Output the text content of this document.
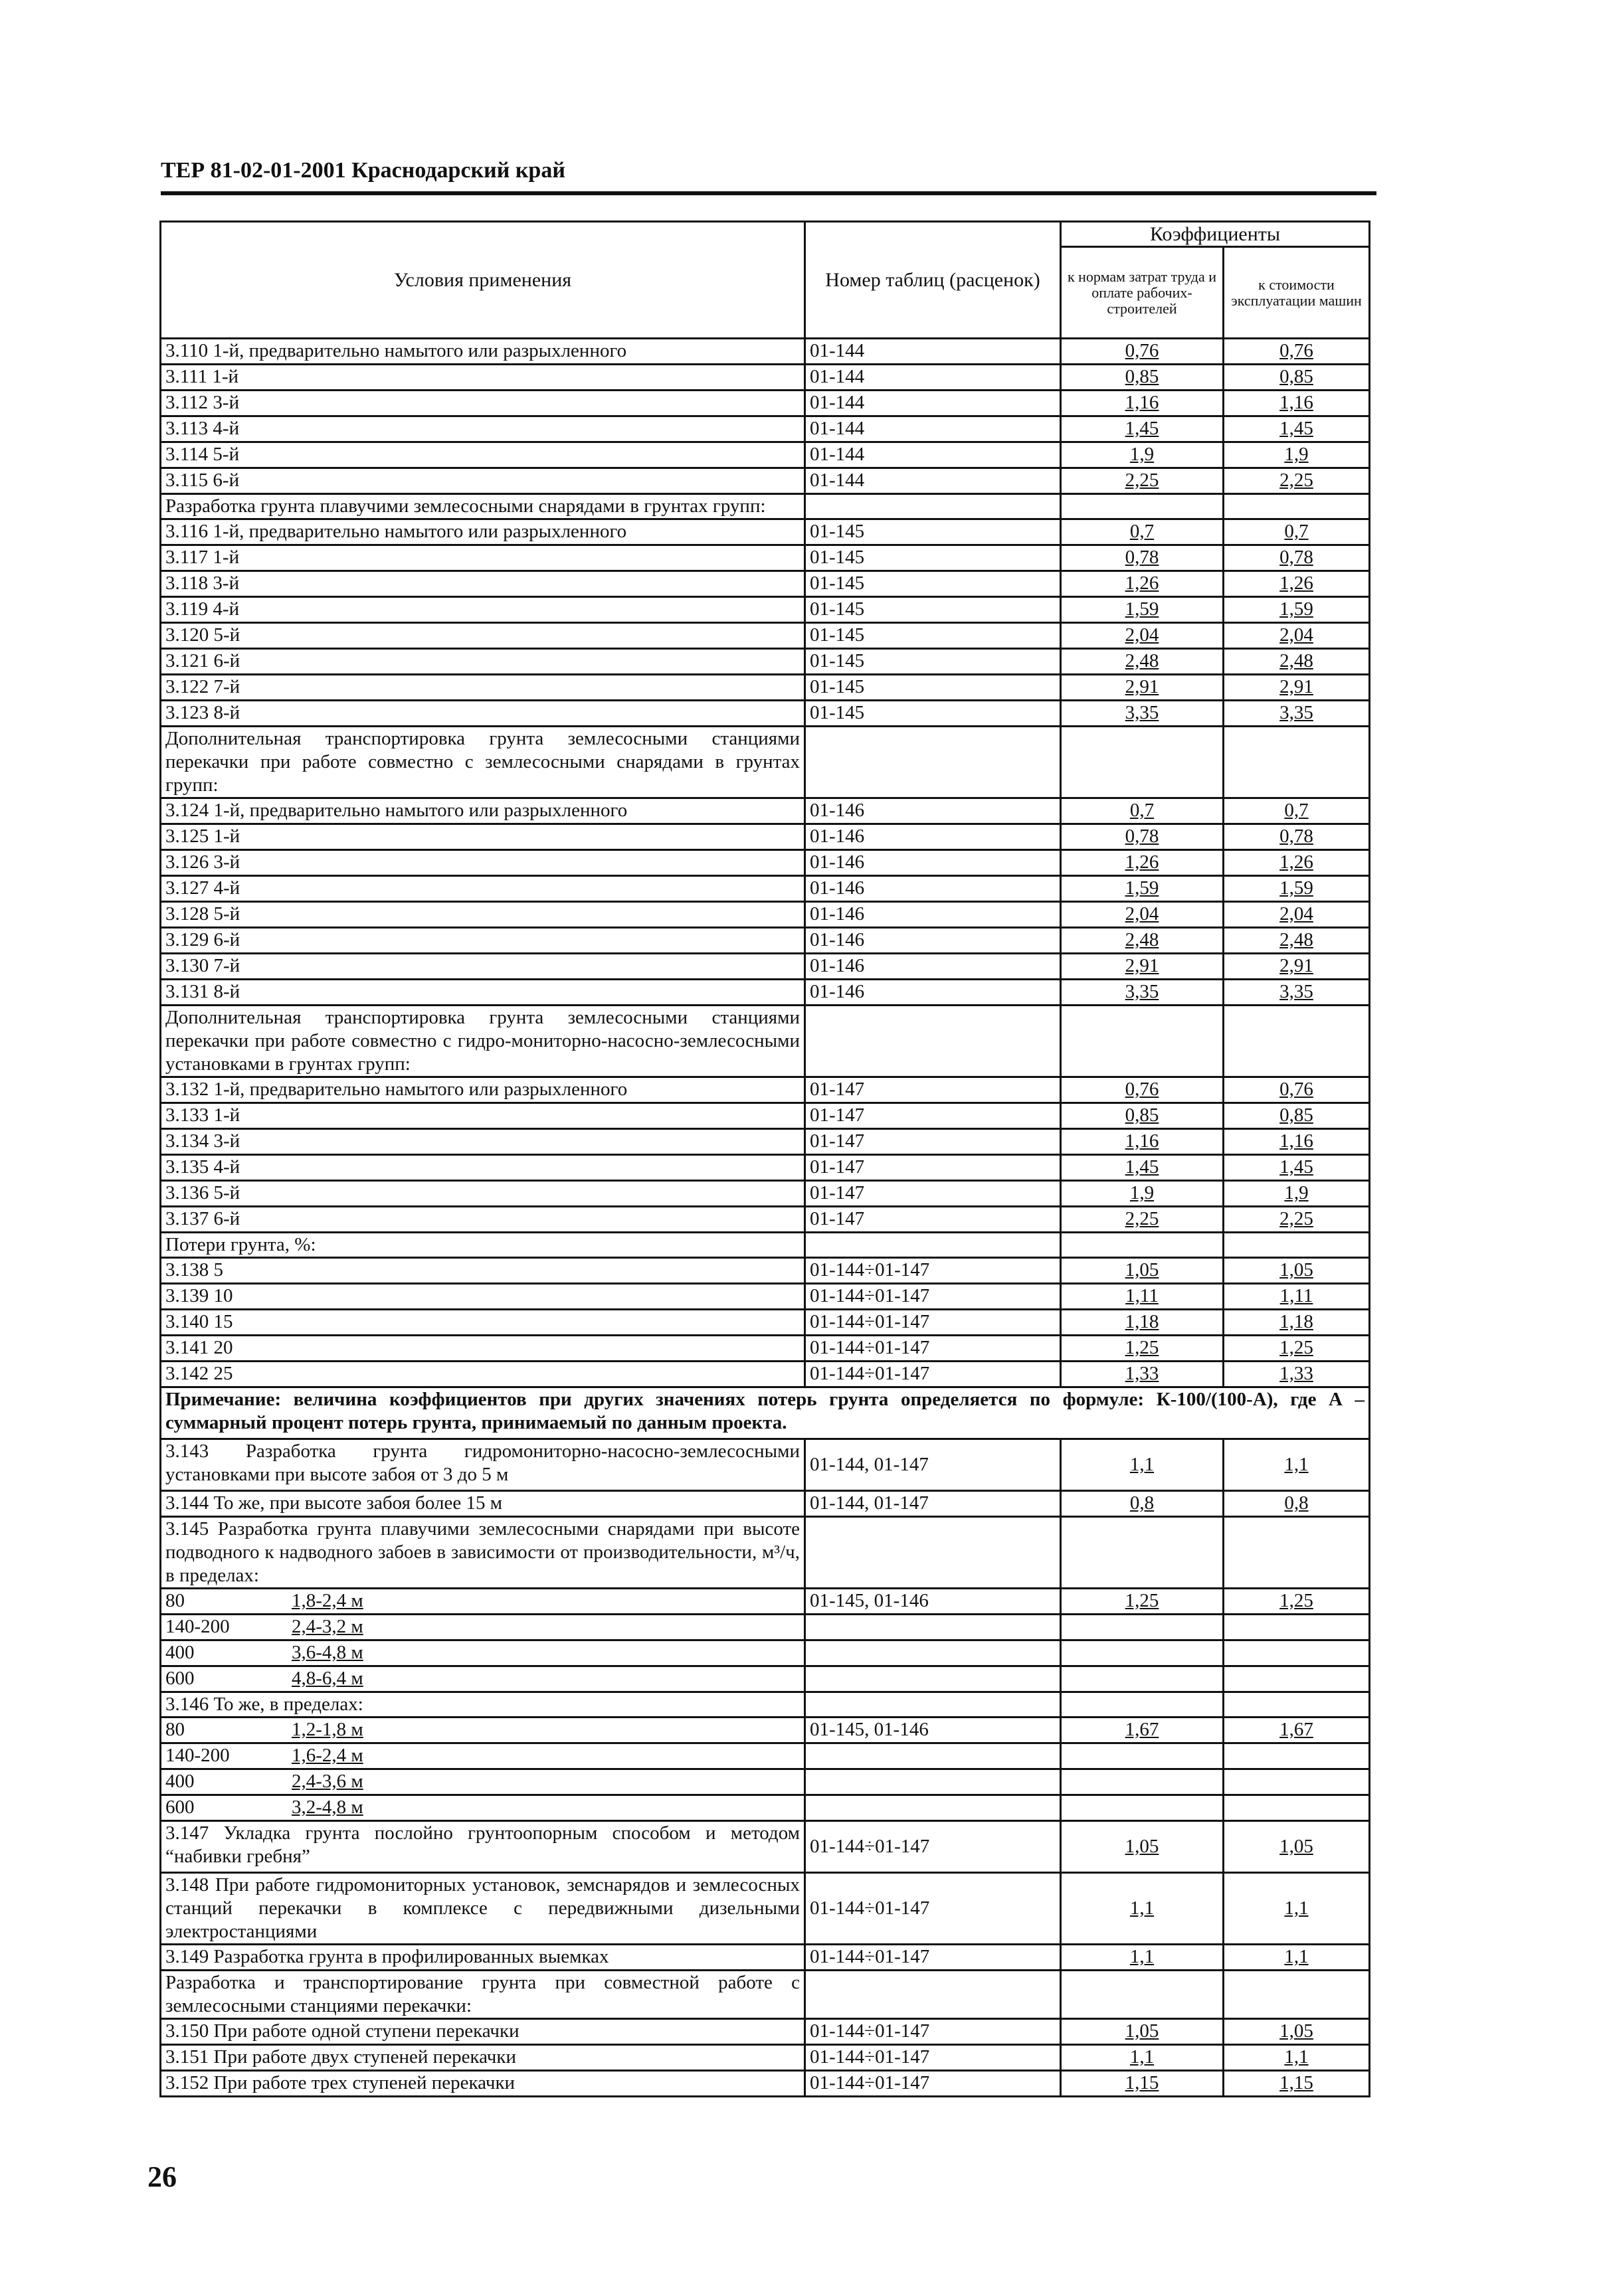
ТЕР 81-02-01-2001 Краснодарский край
Условия применения	Номер таблиц (расценок)	Коэффициенты	
		к нормам затрат труда и оплате рабочих-строителей	к стоимости эксплуатации машин
3.110 1-й, предварительно намытого или разрыхленного	01-144	0,76	0,76
3.111 1-й	01-144	0,85	0,85
3.112 3-й	01-144	1,16	1,16
3.113 4-й	01-144	1,45	1,45
3.114 5-й	01-144	1,9	1,9
3.115 6-й	01-144	2,25	2,25
Разработка грунта плавучими землесосными снарядами в грунтах групп:			
3.116 1-й, предварительно намытого или разрыхленного	01-145	0,7	0,7
3.117 1-й	01-145	0,78	0,78
3.118 3-й	01-145	1,26	1,26
3.119 4-й	01-145	1,59	1,59
3.120 5-й	01-145	2,04	2,04
3.121 6-й	01-145	2,48	2,48
3.122 7-й	01-145	2,91	2,91
3.123 8-й	01-145	3,35	3,35
Дополнительная транспортировка грунта землесосными станциями перекачки при работе совместно с землесосными снарядами в грунтах групп:			
3.124 1-й, предварительно намытого или разрыхленного	01-146	0,7	0,7
3.125 1-й	01-146	0,78	0,78
3.126 3-й	01-146	1,26	1,26
3.127 4-й	01-146	1,59	1,59
3.128 5-й	01-146	2,04	2,04
3.129 6-й	01-146	2,48	2,48
3.130 7-й	01-146	2,91	2,91
3.131 8-й	01-146	3,35	3,35
Дополнительная транспортировка грунта землесосными станциями перекачки при работе совместно с гидро-мониторно-насосно-землесосными установками в грунтах групп:			
3.132 1-й, предварительно намытого или разрыхленного	01-147	0,76	0,76
3.133 1-й	01-147	0,85	0,85
3.134 3-й	01-147	1,16	1,16
3.135 4-й	01-147	1,45	1,45
3.136 5-й	01-147	1,9	1,9
3.137 6-й	01-147	2,25	2,25
Потери грунта, %:			
3.138 5	01-144÷01-147	1,05	1,05
3.139 10	01-144÷01-147	1,11	1,11
3.140 15	01-144÷01-147	1,18	1,18
3.141 20	01-144÷01-147	1,25	1,25
3.142 25	01-144÷01-147	1,33	1,33
Примечание: величина коэффициентов при других значениях потерь грунта определяется по формуле: К-100/(100-А), где А – суммарный процент потерь грунта, принимаемый по данным проекта.			
3.143 Разработка грунта гидромониторно-насосно-землесосными установками при высоте забоя от 3 до 5 м	01-144, 01-147	1,1	1,1
3.144 То же, при высоте забоя более 15 м	01-144, 01-147	0,8	0,8
3.145 Разработка грунта плавучими землесосными снарядами при высоте подводного к надводного забоев в зависимости от производительности, м³/ч, в пределах:			
80 1,8-2,4 м	01-145, 01-146	1,25	1,25
140-200 2,4-3,2 м			
400 3,6-4,8 м			
600 4,8-6,4 м			
3.146 То же, в пределах:			
80 1,2-1,8 м	01-145, 01-146	1,67	1,67
140-200 1,6-2,4 м			
400 2,4-3,6 м			
600 3,2-4,8 м			
3.147 Укладка грунта послойно грунтоопорным способом и методом “набивки гребня”	01-144÷01-147	1,05	1,05
3.148 При работе гидромониторных установок, земснарядов и землесосных станций перекачки в комплексе с передвижными дизельными электростанциями	01-144÷01-147	1,1	1,1
3.149 Разработка грунта в профилированных выемках	01-144÷01-147	1,1	1,1
Разработка и транспортирование грунта при совместной работе с землесосными станциями перекачки:			
3.150 При работе одной ступени перекачки	01-144÷01-147	1,05	1,05
3.151 При работе двух ступеней перекачки	01-144÷01-147	1,1	1,1
3.152 При работе трех ступеней перекачки	01-144÷01-147	1,15	1,15
26
